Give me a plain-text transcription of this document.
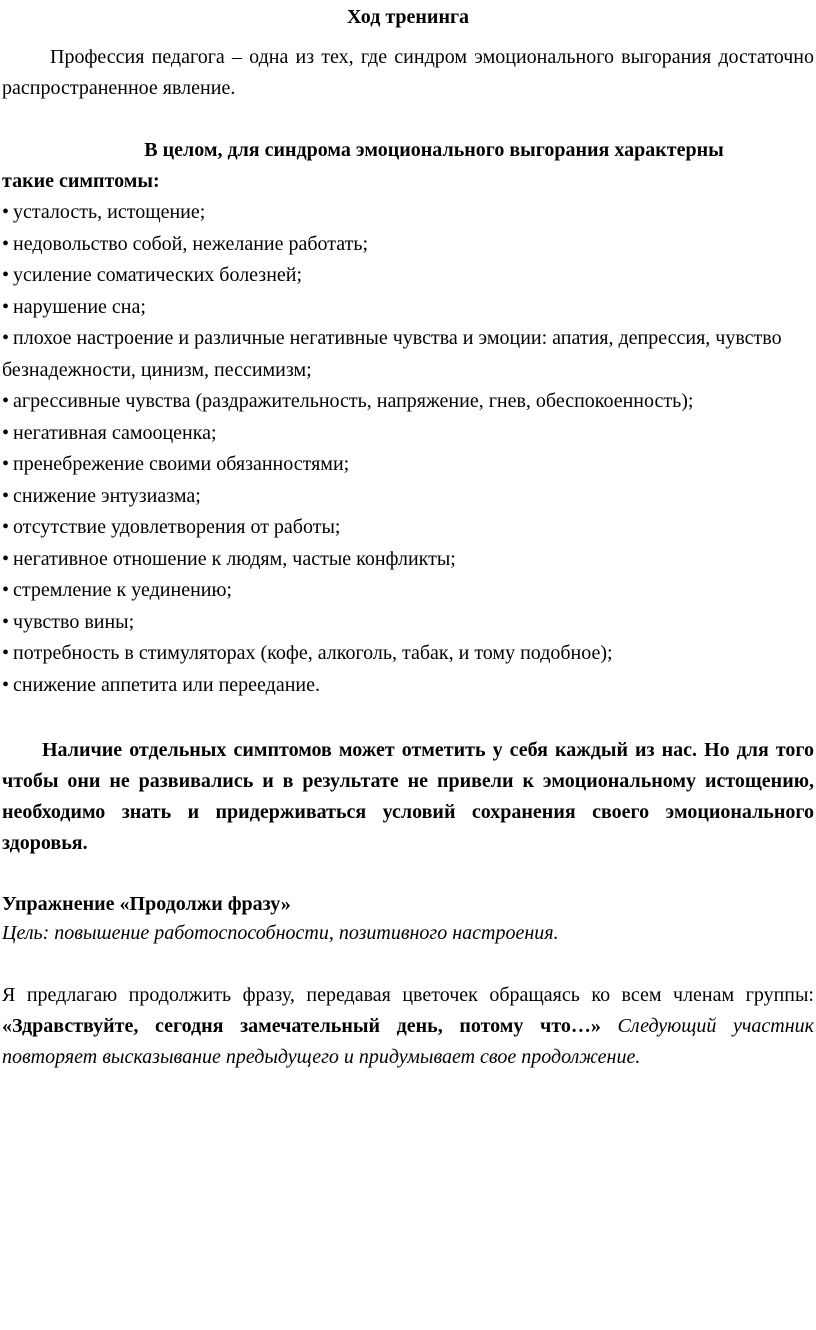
Ход тренинга

Профессия педагога – одна из тех, где синдром эмоционального выгорания достаточно распространенное явление.

В целом, для синдрома эмоционального выгорания характерны
такие симптомы:
• усталость, истощение;
• недовольство собой, нежелание работать;
• усиление соматических болезней;
• нарушение сна;
• плохое настроение и различные негативные чувства и эмоции: апатия, депрессия, чувство безнадежности, цинизм, пессимизм;
• агрессивные чувства (раздражительность, напряжение, гнев, обеспокоенность);
• негативная самооценка;
• пренебрежение своими обязанностями;
• снижение энтузиазма;
• отсутствие удовлетворения от работы;
• негативное отношение к людям, частые конфликты;
• стремление к уединению;
• чувство вины;
• потребность в стимуляторах (кофе, алкоголь, табак, и тому подобное);
• снижение аппетита или переедание.

Наличие отдельных симптомов может отметить у себя каждый из нас. Но для того чтобы они не развивались и в результате не привели к эмоциональному истощению, необходимо знать и придерживаться условий сохранения своего эмоционального здоровья.

Упражнение «Продолжи фразу»

Цель: повышение работоспособности, позитивного настроения.

Я предлагаю продолжить фразу, передавая цветочек обращаясь ко всем членам группы: «Здравствуйте, сегодня замечательный день, потому что…» Следующий участник повторяет высказывание предыдущего и придумывает свое продолжение.
